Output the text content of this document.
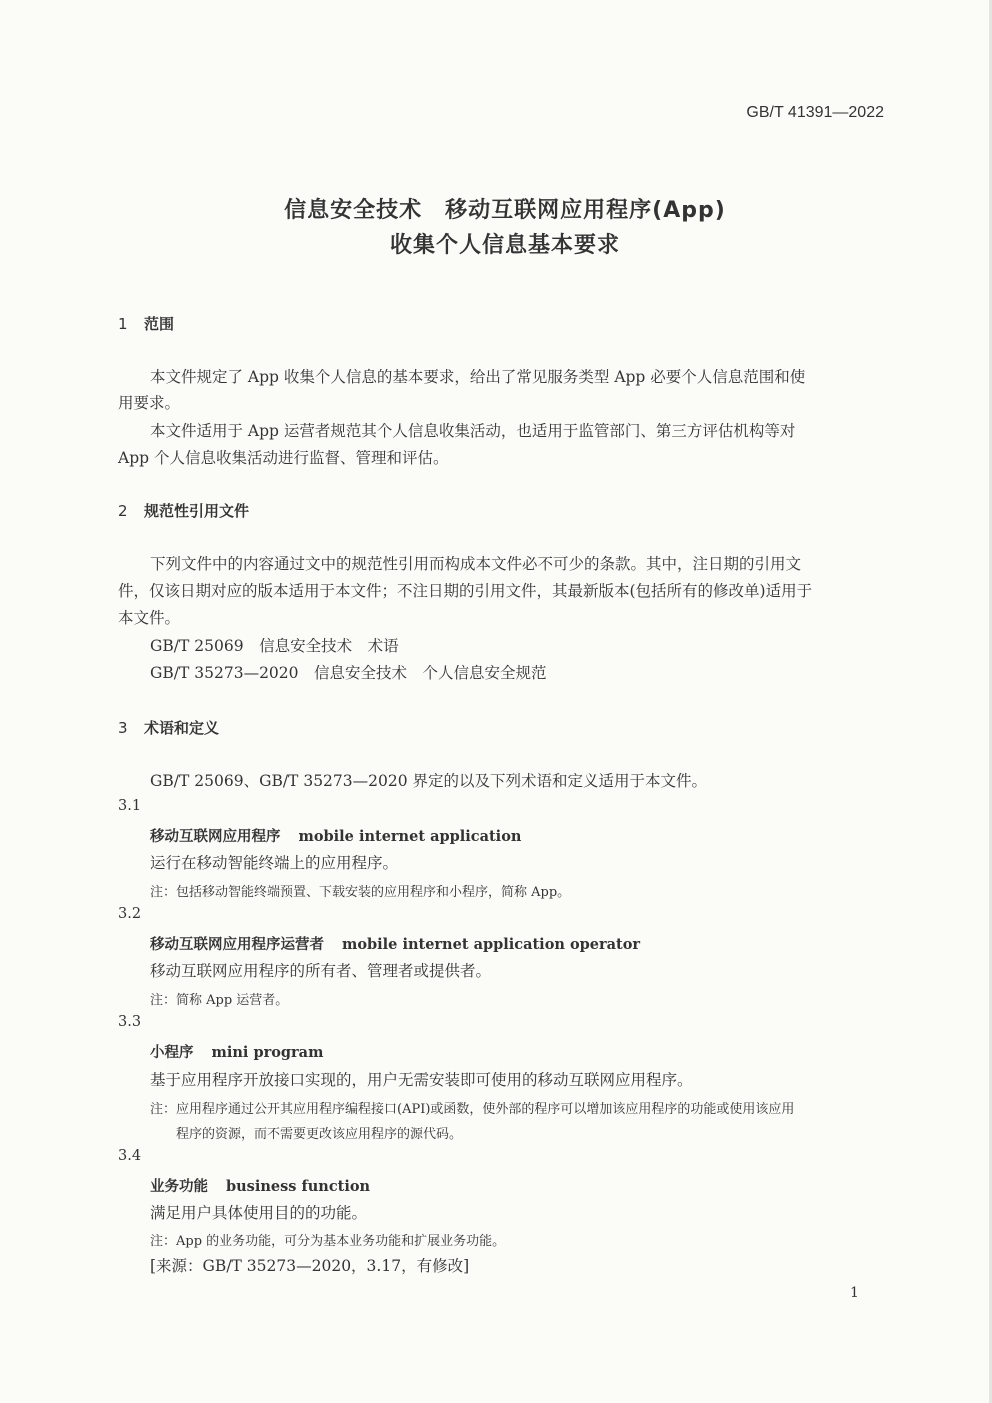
GB/T 41391—2022
信息安全技术　移动互联网应用程序(App)
收集个人信息基本要求
1 范围
本文件规定了 App 收集个人信息的基本要求，给出了常见服务类型 App 必要个人信息范围和使
用要求。
本文件适用于 App 运营者规范其个人信息收集活动，也适用于监管部门、第三方评估机构等对
App 个人信息收集活动进行监督、管理和评估。
2 规范性引用文件
下列文件中的内容通过文中的规范性引用而构成本文件必不可少的条款。其中，注日期的引用文
件，仅该日期对应的版本适用于本文件；不注日期的引用文件，其最新版本(包括所有的修改单)适用于
本文件。
GB/T 25069　信息安全技术　术语
GB/T 35273—2020　信息安全技术　个人信息安全规范
3 术语和定义
GB/T 25069、GB/T 35273—2020 界定的以及下列术语和定义适用于本文件。
3.1
移动互联网应用程序 mobile internet application
运行在移动智能终端上的应用程序。
注：包括移动智能终端预置、下载安装的应用程序和小程序，简称 App。
3.2
移动互联网应用程序运营者 mobile internet application operator
移动互联网应用程序的所有者、管理者或提供者。
注：简称 App 运营者。
3.3
小程序 mini program
基于应用程序开放接口实现的，用户无需安装即可使用的移动互联网应用程序。
注：应用程序通过公开其应用程序编程接口(API)或函数，使外部的程序可以增加该应用程序的功能或使用该应用
程序的资源，而不需要更改该应用程序的源代码。
3.4
业务功能 business function
满足用户具体使用目的的功能。
注：App 的业务功能，可分为基本业务功能和扩展业务功能。
[来源：GB/T 35273—2020，3.17，有修改]
1
